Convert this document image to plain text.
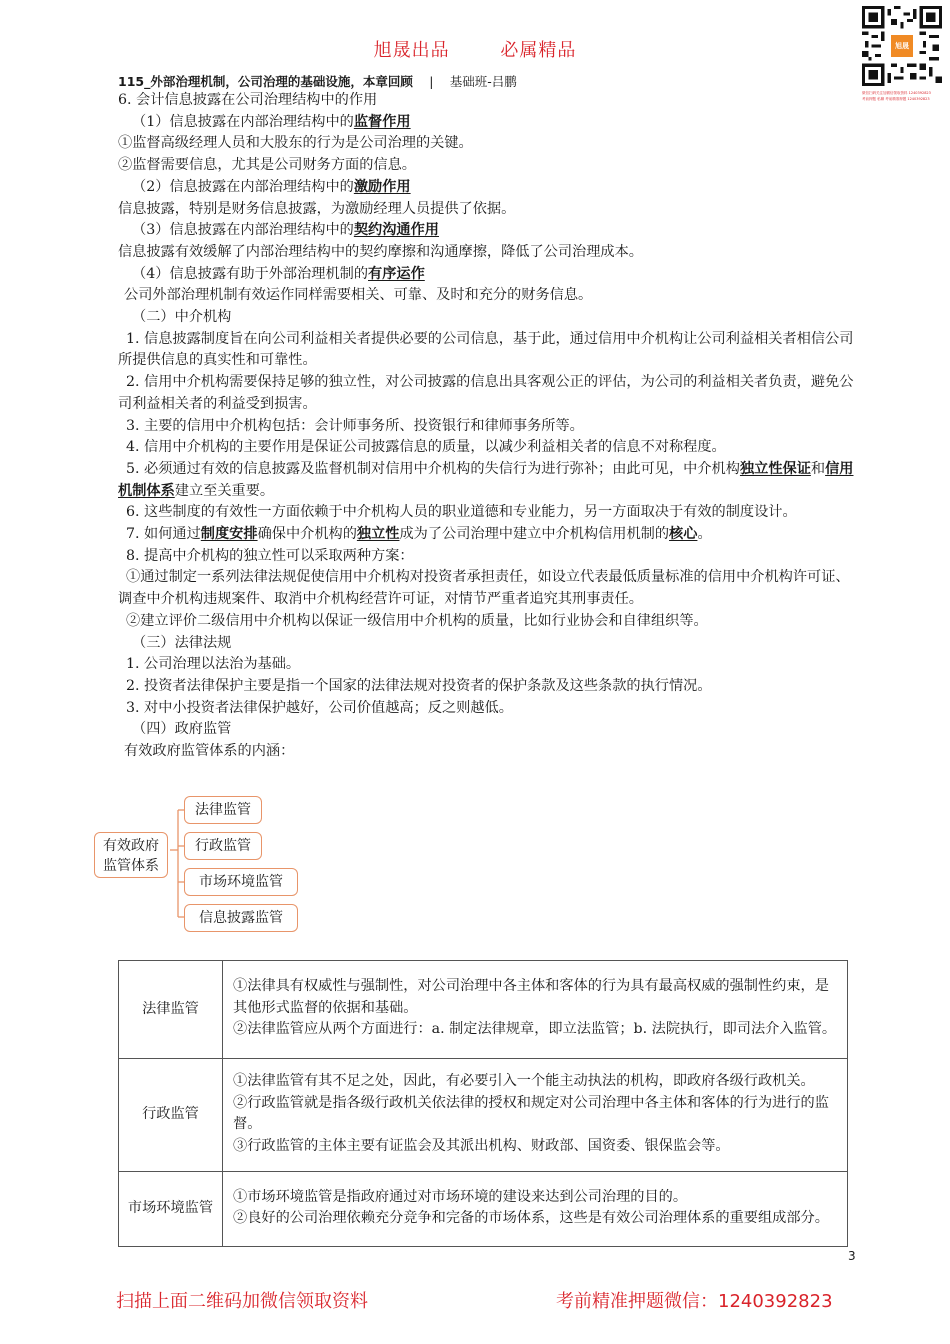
旭晟出品	必属精品	旭晟
微信扫码关注加微信领取资料 1240392823
考前押题 私聊 考前精准押题 1240392823
115_外部治理机制，公司治理的基础设施，本章回顾 | 基础班-吕鹏

6. 会计信息披露在公司治理结构中的作用

（1）信息披露在内部治理结构中的监督作用

①监督高级经理人员和大股东的行为是公司治理的关键。

②监督需要信息，尤其是公司财务方面的信息。

（2）信息披露在内部治理结构中的激励作用

信息披露，特别是财务信息披露，为激励经理人员提供了依据。

（3）信息披露在内部治理结构中的契约沟通作用

信息披露有效缓解了内部治理结构中的契约摩擦和沟通摩擦，降低了公司治理成本。

（4）信息披露有助于外部治理机制的有序运作

公司外部治理机制有效运作同样需要相关、可靠、及时和充分的财务信息。

（二）中介机构

1. 信息披露制度旨在向公司利益相关者提供必要的公司信息，基于此，通过信用中介机构让公司利益相关者相信公司所提供信息的真实性和可靠性。

2. 信用中介机构需要保持足够的独立性，对公司披露的信息出具客观公正的评估，为公司的利益相关者负责，避免公司利益相关者的利益受到损害。

3. 主要的信用中介机构包括：会计师事务所、投资银行和律师事务所等。

4. 信用中介机构的主要作用是保证公司披露信息的质量，以减少利益相关者的信息不对称程度。

5. 必须通过有效的信息披露及监督机制对信用中介机构的失信行为进行弥补；由此可见，中介机构独立性保证和信用机制体系建立至关重要。

6. 这些制度的有效性一方面依赖于中介机构人员的职业道德和专业能力，另一方面取决于有效的制度设计。

7. 如何通过制度安排确保中介机构的独立性成为了公司治理中建立中介机构信用机制的核心。

8. 提高中介机构的独立性可以采取两种方案：

①通过制定一系列法律法规促使信用中介机构对投资者承担责任，如设立代表最低质量标准的信用中介机构许可证、调查中介机构违规案件、取消中介机构经营许可证，对情节严重者追究其刑事责任。

②建立评价二级信用中介机构以保证一级信用中介机构的质量，比如行业协会和自律组织等。

（三）法律法规

1. 公司治理以法治为基础。

2. 投资者法律保护主要是指一个国家的法律法规对投资者的保护条款及这些条款的执行情况。

3. 对中小投资者法律保护越好，公司价值越高；反之则越低。

（四）政府监管

有效政府监管体系的内涵：

有效政府
监管体系
法律监管
行政监管
市场环境监管
信息披露监管
法律监管	①法律具有权威性与强制性，对公司治理中各主体和客体的行为具有最高权威的强制性约束，是其他形式监督的依据和基础。
②法律监管应从两个方面进行：a. 制定法律规章，即立法监管；b. 法院执行，即司法介入监管。

行政监管	①法律监管有其不足之处，因此，有必要引入一个能主动执法的机构，即政府各级行政机关。
②行政监管就是指各级行政机关依法律的授权和规定对公司治理中各主体和客体的行为进行的监督。
③行政监管的主体主要有证监会及其派出机构、财政部、国资委、银保监会等。

市场环境监管	①市场环境监管是指政府通过对市场环境的建设来达到公司治理的目的。
②良好的公司治理依赖充分竞争和完备的市场体系，这些是有效公司治理体系的重要组成部分。
3
扫描上面二维码加微信领取资料	考前精准押题微信：1240392823
